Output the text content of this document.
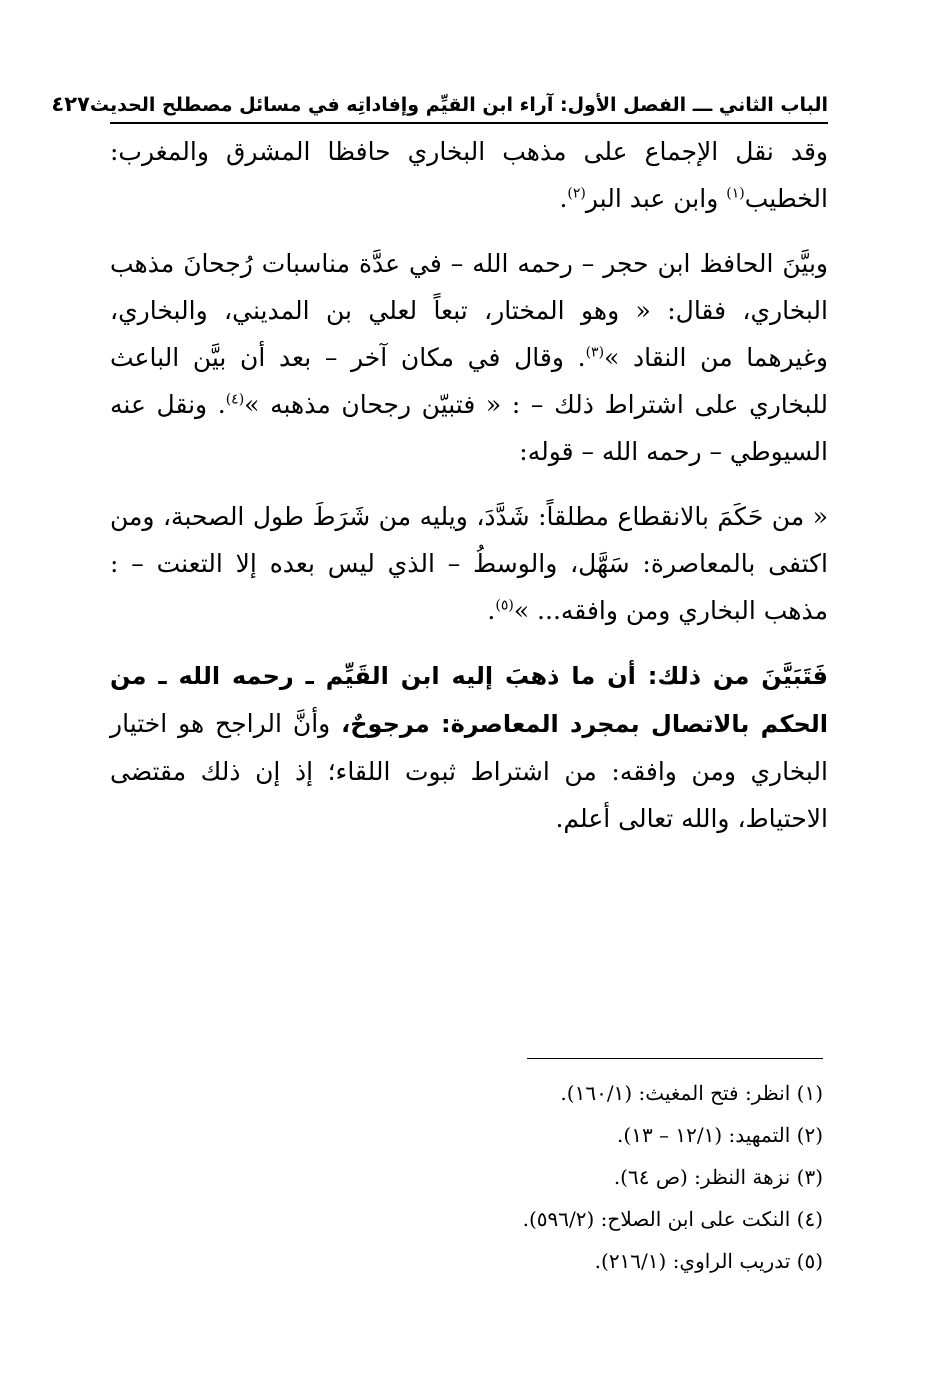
الباب الثاني ـــ الفصل الأول: آراء ابن القيِّم وإفاداتِه في مسائل مصطلح الحديث
٤٢٧

وقد نقل الإجماع على مذهب البخاري حافظا المشرق والمغرب: الخطيب$^{(١)}$ وابن عبد البر$^{(٢)}$.

وبيَّنَ الحافظ ابن حجر – رحمه الله – في عدَّة مناسبات رُجحانَ مذهب البخاري، فقال: « وهو المختار، تبعاً لعلي بن المديني، والبخاري، وغيرهما من النقاد »$^{(٣)}$. وقال في مكان آخر – بعد أن بيَّن الباعث للبخاري على اشتراط ذلك – : « فتبيّن رجحان مذهبه »$^{(٤)}$. ونقل عنه السيوطي – رحمه الله – قوله:

« من حَكَمَ بالانقطاع مطلقاً: شَدَّدَ، ويليه من شَرَطَ طول الصحبة، ومن اكتفى بالمعاصرة: سَهَّل، والوسطُ – الذي ليس بعده إلا التعنت – : مذهب البخاري ومن وافقه... »$^{(٥)}$.

فَتَبَيَّنَ من ذلك: أن ما ذهبَ إليه ابن القَيِّم ـ رحمه الله ـ من الحكم بالاتصال بمجرد المعاصرة: مرجوحٌ، وأنَّ الراجح هو اختيار البخاري ومن وافقه: من اشتراط ثبوت اللقاء؛ إذ إن ذلك مقتضى الاحتياط، والله تعالى أعلم.

(١) انظر: فتح المغيث: (١٦٠/١).
(٢) التمهيد: (١٢/١ – ١٣).
(٣) نزهة النظر: (ص ٦٤).
(٤) النكت على ابن الصلاح: (٥٩٦/٢).
(٥) تدريب الراوي: (٢١٦/١).
